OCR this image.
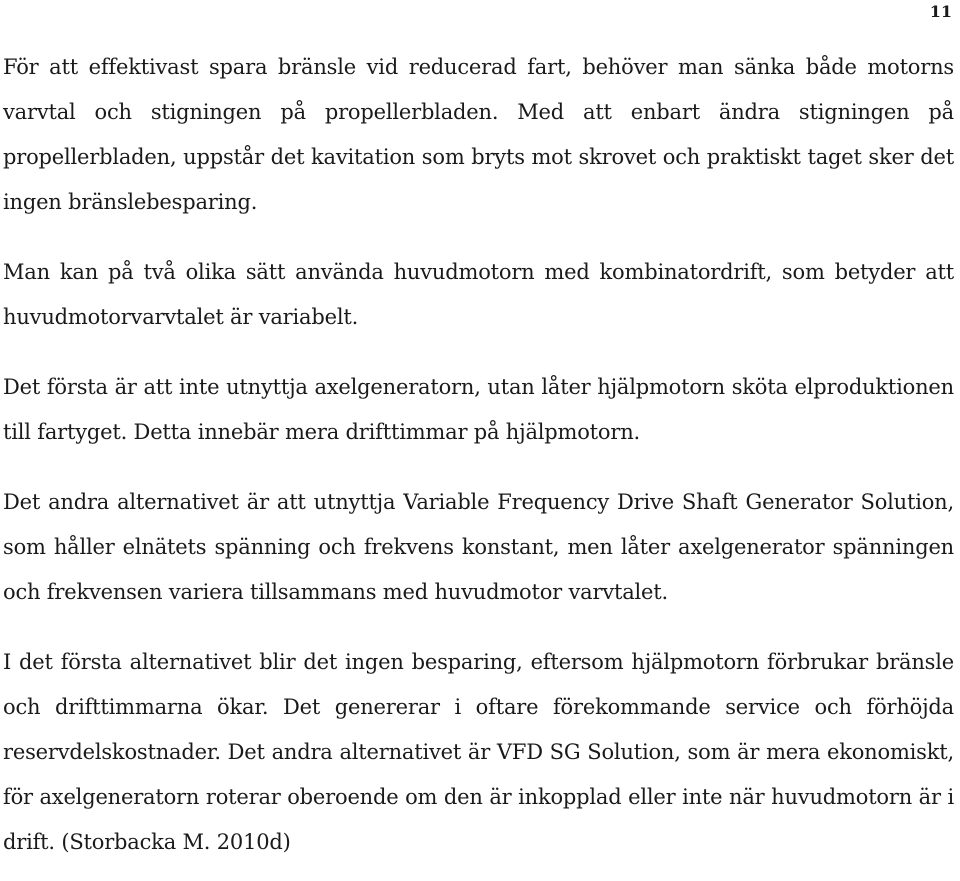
11

För att effektivast spara bränsle vid reducerad fart, behöver man sänka både motorns varvtal och stigningen på propellerbladen. Med att enbart ändra stigningen på propellerbladen, uppstår det kavitation som bryts mot skrovet och praktiskt taget sker det ingen bränslebesparing.

Man kan på två olika sätt använda huvudmotorn med kombinatordrift, som betyder att huvudmotorvarvtalet är variabelt.

Det första är att inte utnyttja axelgeneratorn, utan låter hjälpmotorn sköta elproduktionen till fartyget. Detta innebär mera drifttimmar på hjälpmotorn.

Det andra alternativet är att utnyttja Variable Frequency Drive Shaft Generator Solution, som håller elnätets spänning och frekvens konstant, men låter axelgenerator spänningen och frekvensen variera tillsammans med huvudmotor varvtalet.

I det första alternativet blir det ingen besparing, eftersom hjälpmotorn förbrukar bränsle och drifttimmarna ökar. Det genererar i oftare förekommande service och förhöjda reservdelskostnader. Det andra alternativet är VFD SG Solution, som är mera ekonomiskt, för axelgeneratorn roterar oberoende om den är inkopplad eller inte när huvudmotorn är i drift. (Storbacka M. 2010d)
